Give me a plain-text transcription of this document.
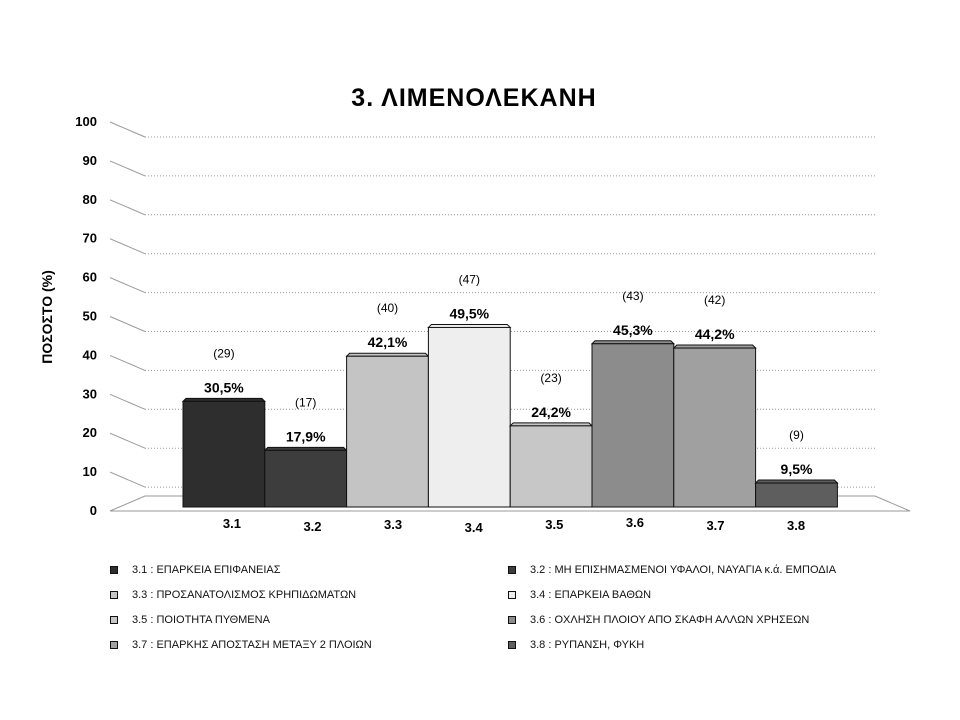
3. ΛΙΜΕΝΟΛΕΚΑΝΗ
ΠΟΣΟΣΤΟ (%)
0
10
20
30
40
50
60
70
80
90
100
30,5%
(29)
17,9%
(17)
42,1%
(40)	49,5%
(47)
24,2%
(23)
45,3%
(43)
44,2%
(42)
9,5%
(9)
3.1	3.2	3.3	3.4	3.5	3.6	3.7	3.8
3.1 : ΕΠΑΡΚΕΙΑ ΕΠΙΦΑΝΕΙΑΣ	3.2 : ΜΗ ΕΠΙΣΗΜΑΣΜΕΝΟΙ ΥΦΑΛΟΙ, ΝΑΥΑΓΙΑ κ.ά. ΕΜΠΟΔΙΑ
3.3 : ΠΡΟΣΑΝΑΤΟΛΙΣΜΟΣ ΚΡΗΠΙΔΩΜΑΤΩΝ	3.4 : ΕΠΑΡΚΕΙΑ ΒΑΘΩΝ
3.5 : ΠΟΙΟΤΗΤΑ ΠΥΘΜΕΝΑ	3.6 : ΟΧΛΗΣΗ ΠΛΟΙΟΥ ΑΠΟ ΣΚΑΦΗ ΑΛΛΩΝ ΧΡΗΣΕΩΝ
3.7 : ΕΠΑΡΚΗΣ ΑΠΟΣΤΑΣΗ ΜΕΤΑΞΥ 2 ΠΛΟΙΩΝ	3.8 : ΡΥΠΑΝΣΗ, ΦΥΚΗ
